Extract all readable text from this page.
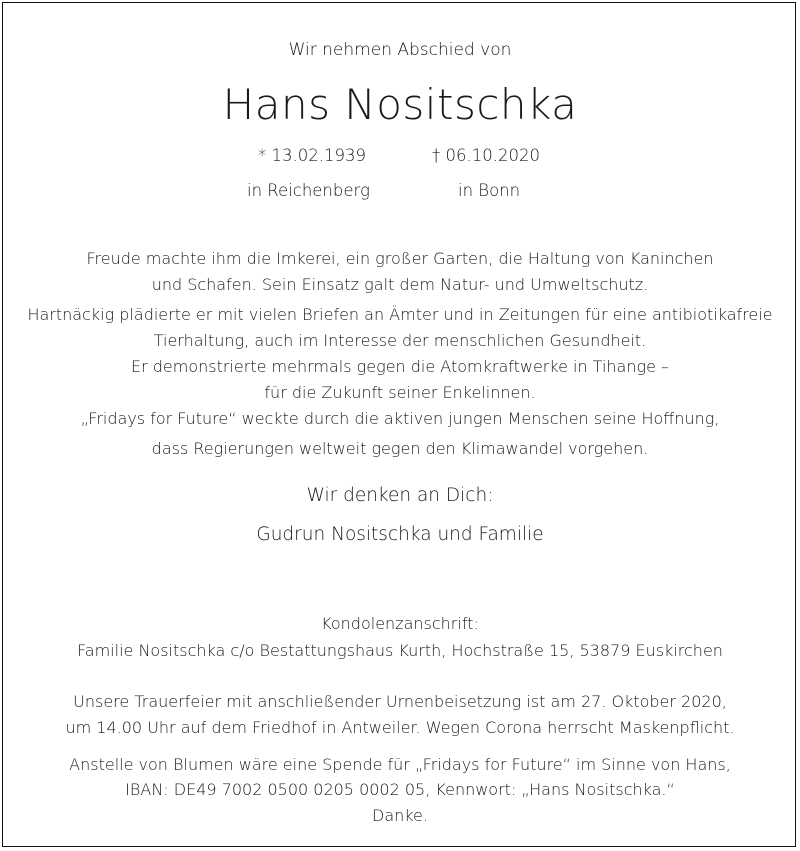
Wir nehmen Abschied von
Hans Nositschka
* 13.02.1939	† 06.10.2020
in Reichenberg	in Bonn
Freude machte ihm die Imkerei, ein großer Garten, die Haltung von Kaninchen
und Schafen. Sein Einsatz galt dem Natur- und Umweltschutz.
Hartnäckig plädierte er mit vielen Briefen an Ämter und in Zeitungen für eine antibiotikafreie
Tierhaltung, auch im Interesse der menschlichen Gesundheit.
Er demonstrierte mehrmals gegen die Atomkraftwerke in Tihange –
für die Zukunft seiner Enkelinnen.
„Fridays for Future“ weckte durch die aktiven jungen Menschen seine Hoffnung,
dass Regierungen weltweit gegen den Klimawandel vorgehen.
Wir denken an Dich:
Gudrun Nositschka und Familie
Kondolenzanschrift:
Familie Nositschka c/o Bestattungshaus Kurth, Hochstraße 15, 53879 Euskirchen
Unsere Trauerfeier mit anschließender Urnenbeisetzung ist am 27. Oktober 2020,
um 14.00 Uhr auf dem Friedhof in Antweiler. Wegen Corona herrscht Maskenpflicht.
Anstelle von Blumen wäre eine Spende für „Fridays for Future“ im Sinne von Hans,
IBAN: DE49 7002 0500 0205 0002 05, Kennwort: „Hans Nositschka.“
Danke.
